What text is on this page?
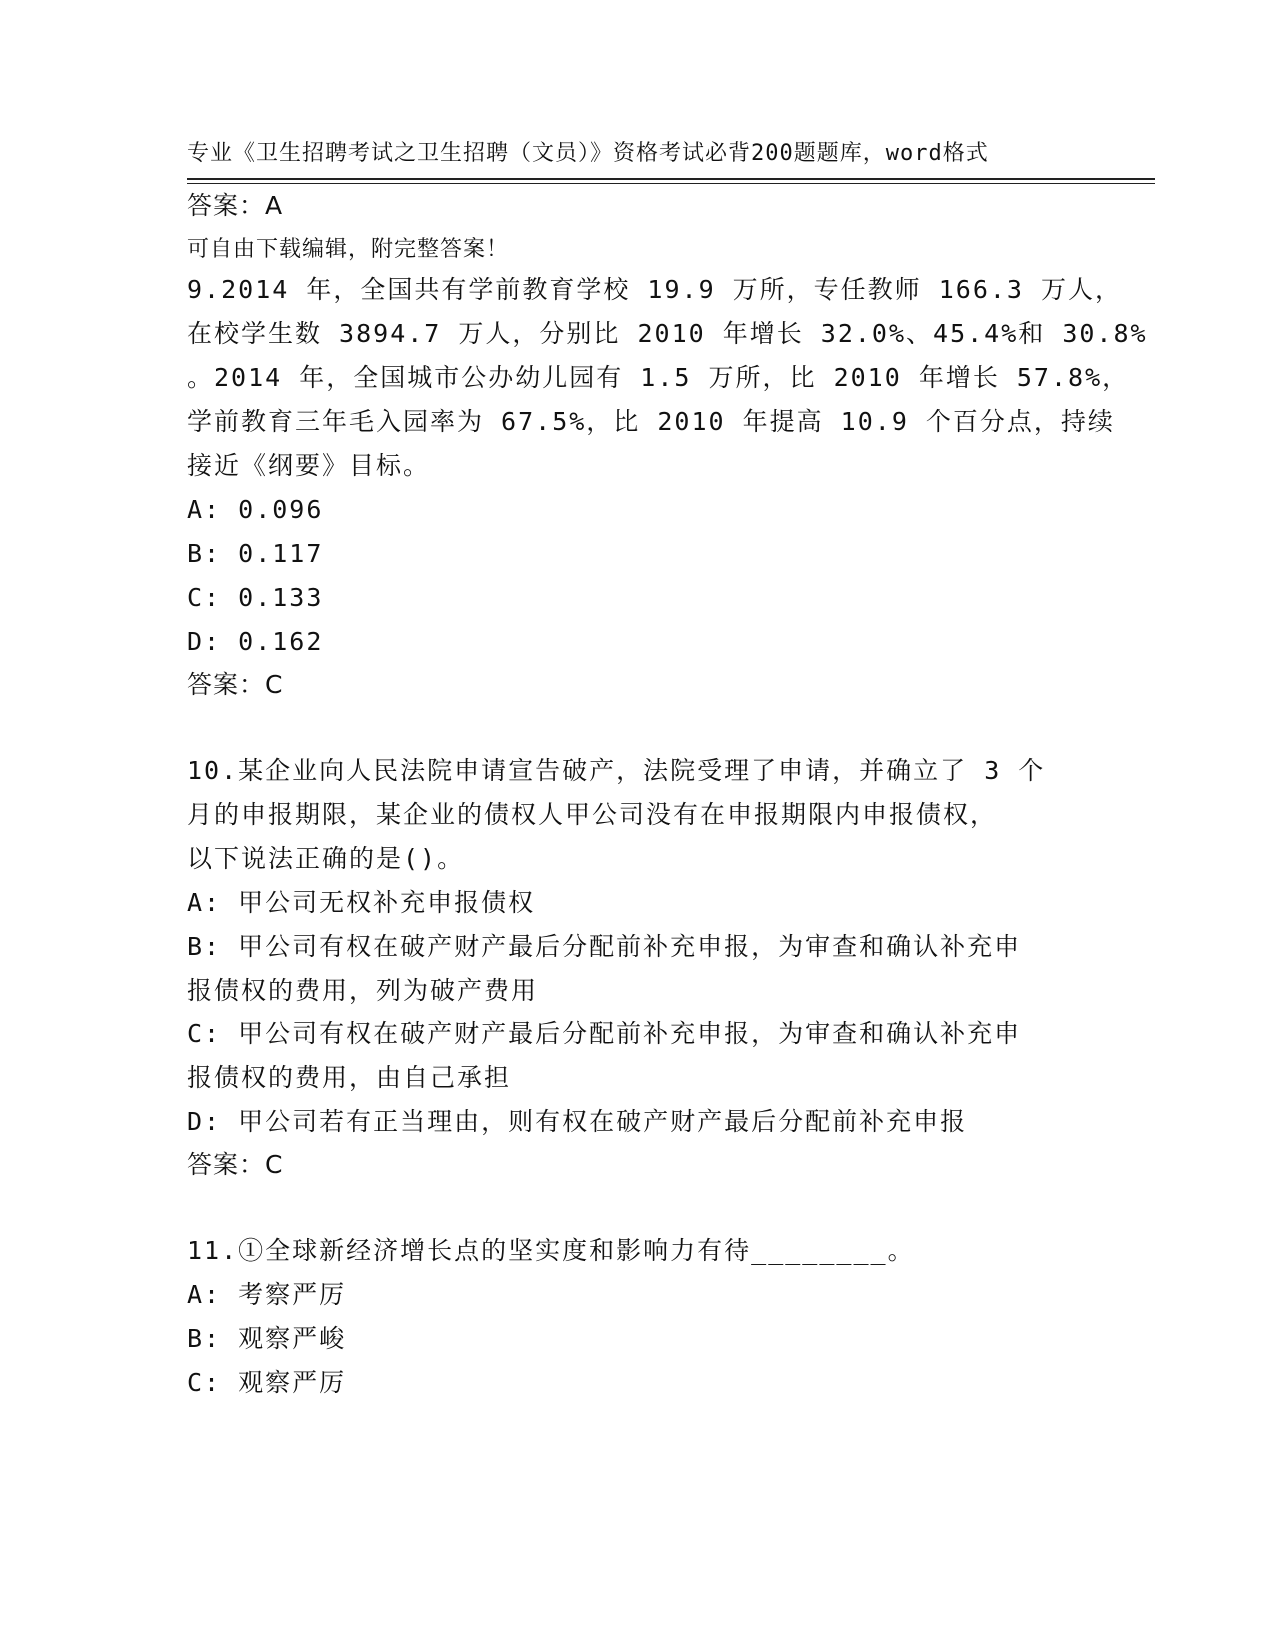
专业《卫生招聘考试之卫生招聘（文员）》资格考试必背200题题库，word格式

可自由下载编辑，附完整答案！

答案：A
9.2014 年，全国共有学前教育学校 19.9 万所，专任教师 166.3 万人，
在校学生数 3894.7 万人，分别比 2010 年增长 32.0%、45.4%和 30.8%
。2014 年，全国城市公办幼儿园有 1.5 万所，比 2010 年增长 57.8%，
学前教育三年毛入园率为 67.5%，比 2010 年提高 10.9 个百分点，持续
接近《纲要》目标。
A: 0.096
B: 0.117
C: 0.133
D: 0.162
答案：C
10.某企业向人民法院申请宣告破产，法院受理了申请，并确立了 3 个
月的申报期限，某企业的债权人甲公司没有在申报期限内申报债权，
以下说法正确的是()。
A: 甲公司无权补充申报债权
B: 甲公司有权在破产财产最后分配前补充申报，为审查和确认补充申
报债权的费用，列为破产费用
C: 甲公司有权在破产财产最后分配前补充申报，为审查和确认补充申
报债权的费用，由自己承担
D: 甲公司若有正当理由，则有权在破产财产最后分配前补充申报
答案：C
11.①全球新经济增长点的坚实度和影响力有待________。
A: 考察严厉
B: 观察严峻
C: 观察严厉
